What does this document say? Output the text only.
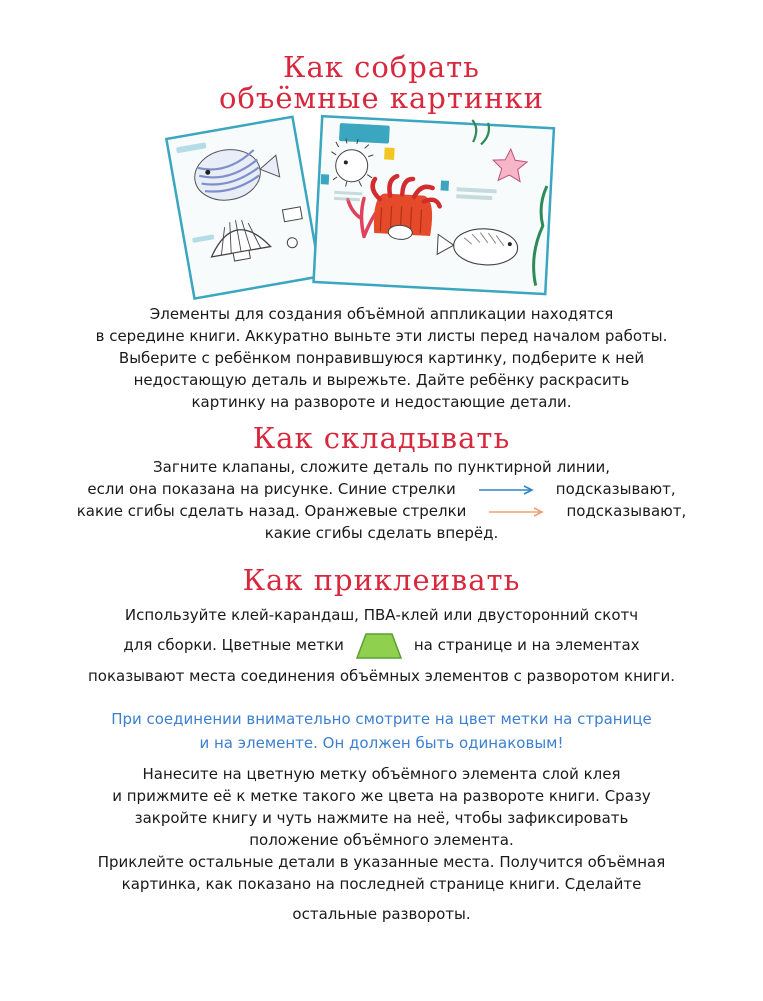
Как собрать
объёмные картинки

Элементы для создания объёмной аппликации находятся
в середине книги. Аккуратно выньте эти листы перед началом работы.
Выберите с ребёнком понравившуюся картинку, подберите к ней
недостающую деталь и вырежьте. Дайте ребёнку раскрасить
картинку на развороте и недостающие детали.

Как складывать

Загните клапаны, сложите деталь по пунктирной линии,
если она показана на рисунке. Синие стрелки	подсказывают,
какие сгибы сделать назад. Оранжевые стрелки	подсказывают,
какие сгибы сделать вперёд.

Как приклеивать

Используйте клей-карандаш, ПВА-клей или двусторонний скотч
для сборки. Цветные метки	на странице и на элементах
показывают места соединения объёмных элементов с разворотом книги.

При соединении внимательно смотрите на цвет метки на странице
и на элементе. Он должен быть одинаковым!

Нанесите на цветную метку объёмного элемента слой клея
и прижмите её к метке такого же цвета на развороте книги. Сразу
закройте книгу и чуть нажмите на неё, чтобы зафиксировать
положение объёмного элемента.
Приклейте остальные детали в указанные места. Получится объёмная
картинка, как показано на последней странице книги. Сделайте
остальные развороты.
